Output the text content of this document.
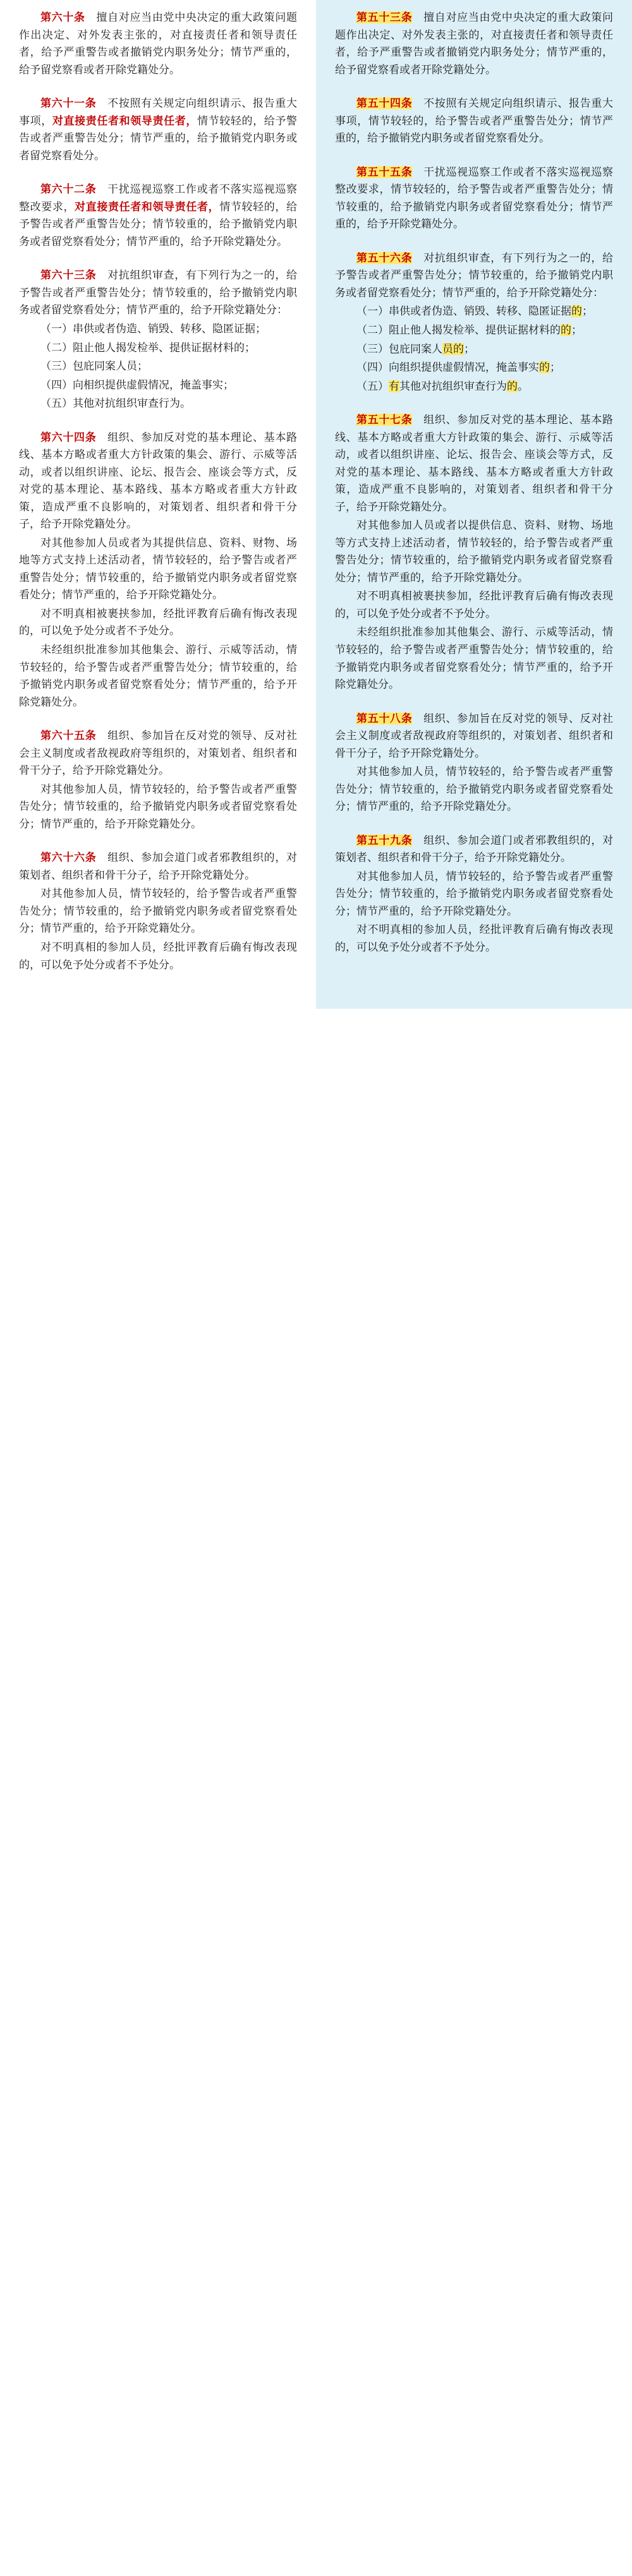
第六十条　 擅自对应当由党中央决定的重大政策问题作出决定、对外发表主张的，对直接责任者和领导责任者，给予严重警告或者撤销党内职务处分；情节严重的，给予留党察看或者开除党籍处分。

第六十一条　 不按照有关规定向组织请示、报告重大事项，对直接责任者和领导责任者，情节较轻的，给予警告或者严重警告处分；情节严重的，给予撤销党内职务或者留党察看处分。

第六十二条　 干扰巡视巡察工作或者不落实巡视巡察整改要求，对直接责任者和领导责任者，情节较轻的，给予警告或者严重警告处分；情节较重的，给予撤销党内职务或者留党察看处分；情节严重的，给予开除党籍处分。

第六十三条　 对抗组织审查，有下列行为之一的，给予警告或者严重警告处分；情节较重的，给予撤销党内职务或者留党察看处分；情节严重的，给予开除党籍处分：

（一）串供或者伪造、销毁、转移、隐匿证据；

（二）阻止他人揭发检举、提供证据材料的；

（三）包庇同案人员；

（四）向相织提供虚假情况，掩盖事实；

（五）其他对抗组织审查行为。

第六十四条　 组织、参加反对党的基本理论、基本路线、基本方略或者重大方针政策的集会、游行、示威等活动，或者以组织讲座、论坛、报告会、座谈会等方式，反对党的基本理论、基本路线、基本方略或者重大方针政策，造成严重不良影响的，对策划者、组织者和骨干分子，给予开除党籍处分。

对其他参加人员或者为其提供信息、资料、财物、场地等方式支持上述活动者，情节较轻的，给予警告或者严重警告处分；情节较重的，给予撤销党内职务或者留党察看处分；情节严重的，给予开除党籍处分。

对不明真相被裹挟参加，经批评教育后确有悔改表现的，可以免予处分或者不予处分。

未经组织批准参加其他集会、游行、示威等活动，情节较轻的，给予警告或者严重警告处分；情节较重的，给予撤销党内职务或者留党察看处分；情节严重的，给予开除党籍处分。

第六十五条　 组织、参加旨在反对党的领导、反对社会主义制度或者敌视政府等组织的，对策划者、组织者和骨干分子，给予开除党籍处分。

对其他参加人员，情节较轻的，给予警告或者严重警告处分；情节较重的，给予撤销党内职务或者留党察看处分；情节严重的，给予开除党籍处分。

第六十六条　 组织、参加会道门或者邪教组织的，对策划者、组织者和骨干分子，给予开除党籍处分。

对其他参加人员，情节较轻的，给予警告或者严重警告处分；情节较重的，给予撤销党内职务或者留党察看处分；情节严重的，给予开除党籍处分。

对不明真相的参加人员，经批评教育后确有悔改表现的，可以免予处分或者不予处分。

第五十三条　 擅自对应当由党中央决定的重大政策问题作出决定、对外发表主张的，对直接责任者和领导责任者，给予严重警告或者撤销党内职务处分；情节严重的，给予留党察看或者开除党籍处分。

第五十四条　 不按照有关规定向组织请示、报告重大事项，情节较轻的，给予警告或者严重警告处分；情节严重的，给予撤销党内职务或者留党察看处分。

第五十五条　 干扰巡视巡察工作或者不落实巡视巡察整改要求，情节较轻的，给予警告或者严重警告处分；情节较重的，给予撤销党内职务或者留党察看处分；情节严重的，给予开除党籍处分。

第五十六条　 对抗组织审查，有下列行为之一的，给予警告或者严重警告处分；情节较重的，给予撤销党内职务或者留党察看处分；情节严重的，给予开除党籍处分：

（一）串供或者伪造、销毁、转移、隐匿证据的；

（二）阻止他人揭发检举、提供证据材料的的；

（三）包庇同案人员的；

（四）向组织提供虚假情况，掩盖事实的；

（五）有其他对抗组织审查行为的。

第五十七条　 组织、参加反对党的基本理论、基本路线、基本方略或者重大方针政策的集会、游行、示威等活动，或者以组织讲座、论坛、报告会、座谈会等方式，反对党的基本理论、基本路线、基本方略或者重大方针政策，造成严重不良影响的，对策划者、组织者和骨干分子，给予开除党籍处分。

对其他参加人员或者以提供信息、资料、财物、场地等方式支持上述活动者，情节较轻的，给予警告或者严重警告处分；情节较重的，给予撤销党内职务或者留党察看处分；情节严重的，给予开除党籍处分。

对不明真相被裹挟参加，经批评教育后确有悔改表现的，可以免予处分或者不予处分。

未经组织批准参加其他集会、游行、示威等活动，情节较轻的，给予警告或者严重警告处分；情节较重的，给予撤销党内职务或者留党察看处分；情节严重的，给予开除党籍处分。

第五十八条　 组织、参加旨在反对党的领导、反对社会主义制度或者敌视政府等组织的，对策划者、组织者和骨干分子，给予开除党籍处分。

对其他参加人员，情节较轻的，给予警告或者严重警告处分；情节较重的，给予撤销党内职务或者留党察看处分；情节严重的，给予开除党籍处分。

第五十九条　 组织、参加会道门或者邪教组织的，对策划者、组织者和骨干分子，给予开除党籍处分。

对其他参加人员，情节较轻的，给予警告或者严重警告处分；情节较重的，给予撤销党内职务或者留党察看处分；情节严重的，给予开除党籍处分。

对不明真相的参加人员，经批评教育后确有悔改表现的，可以免予处分或者不予处分。
